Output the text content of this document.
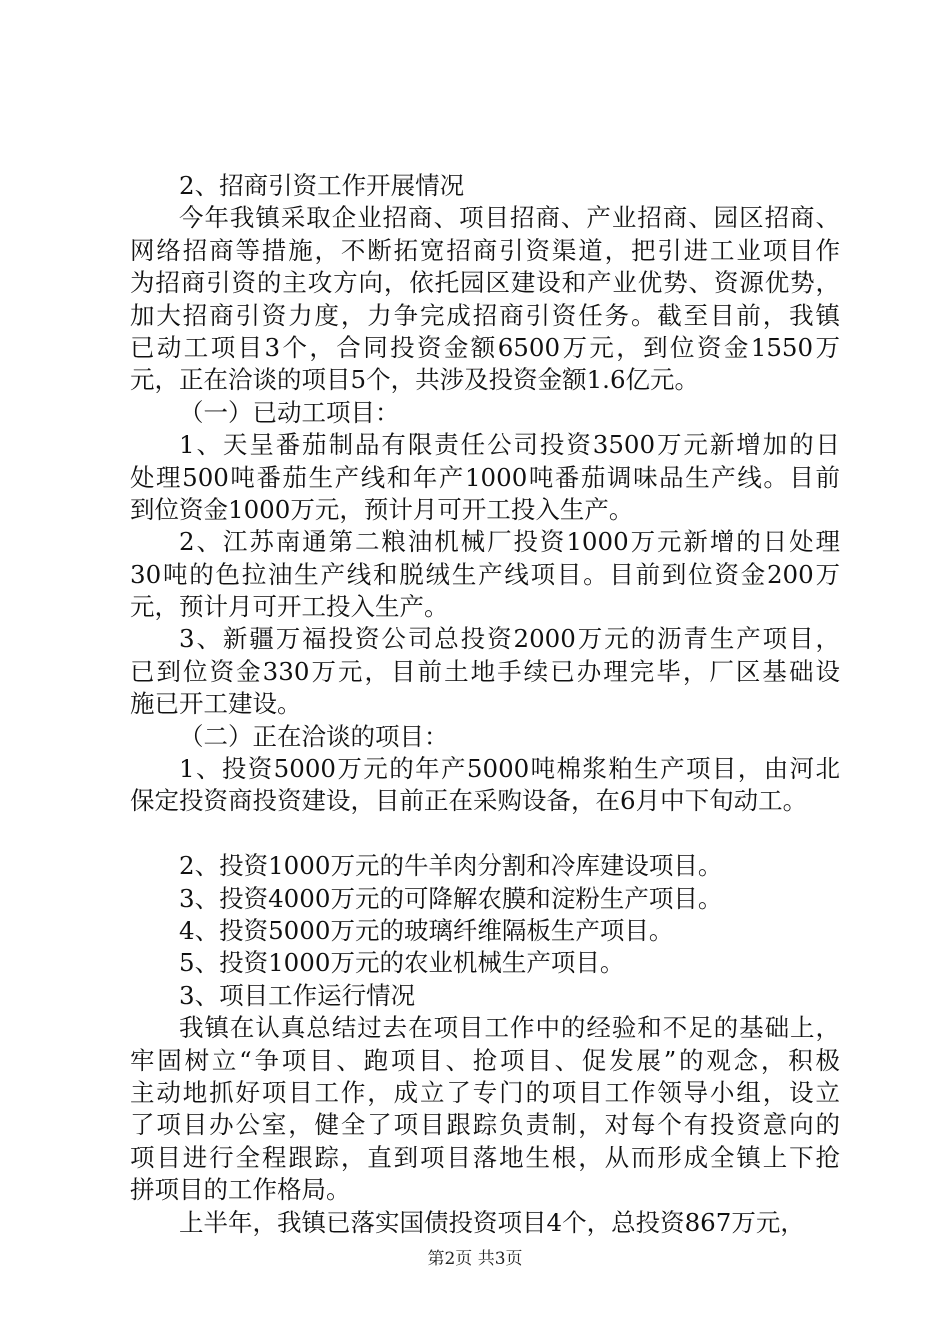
2、招商引资工作开展情况
今年我镇采取企业招商、项目招商、产业招商、园区招商、
网络招商等措施，不断拓宽招商引资渠道，把引进工业项目作
为招商引资的主攻方向，依托园区建设和产业优势、资源优势，
加大招商引资力度，力争完成招商引资任务。截至目前，我镇
已动工项目3个，合同投资金额6500万元，到位资金1550万
元，正在洽谈的项目5个，共涉及投资金额1.6亿元。
（一）已动工项目：
1、天呈番茄制品有限责任公司投资3500万元新增加的日
处理500吨番茄生产线和年产1000吨番茄调味品生产线。目前
到位资金1000万元，预计月可开工投入生产。
2、江苏南通第二粮油机械厂投资1000万元新增的日处理
30吨的色拉油生产线和脱绒生产线项目。目前到位资金200万
元，预计月可开工投入生产。
3、新疆万福投资公司总投资2000万元的沥青生产项目，
已到位资金330万元，目前土地手续已办理完毕，厂区基础设
施已开工建设。
（二）正在洽谈的项目：
1、投资5000万元的年产5000吨棉浆粕生产项目，由河北
保定投资商投资建设，目前正在采购设备，在6月中下旬动工。
2、投资1000万元的牛羊肉分割和冷库建设项目。
3、投资4000万元的可降解农膜和淀粉生产项目。
4、投资5000万元的玻璃纤维隔板生产项目。
5、投资1000万元的农业机械生产项目。
3、项目工作运行情况
我镇在认真总结过去在项目工作中的经验和不足的基础上，
牢固树立“争项目、跑项目、抢项目、促发展”的观念，积极
主动地抓好项目工作，成立了专门的项目工作领导小组，设立
了项目办公室，健全了项目跟踪负责制，对每个有投资意向的
项目进行全程跟踪，直到项目落地生根，从而形成全镇上下抢
拼项目的工作格局。
上半年，我镇已落实国债投资项目4个，总投资867万元，
第2页 共3页
